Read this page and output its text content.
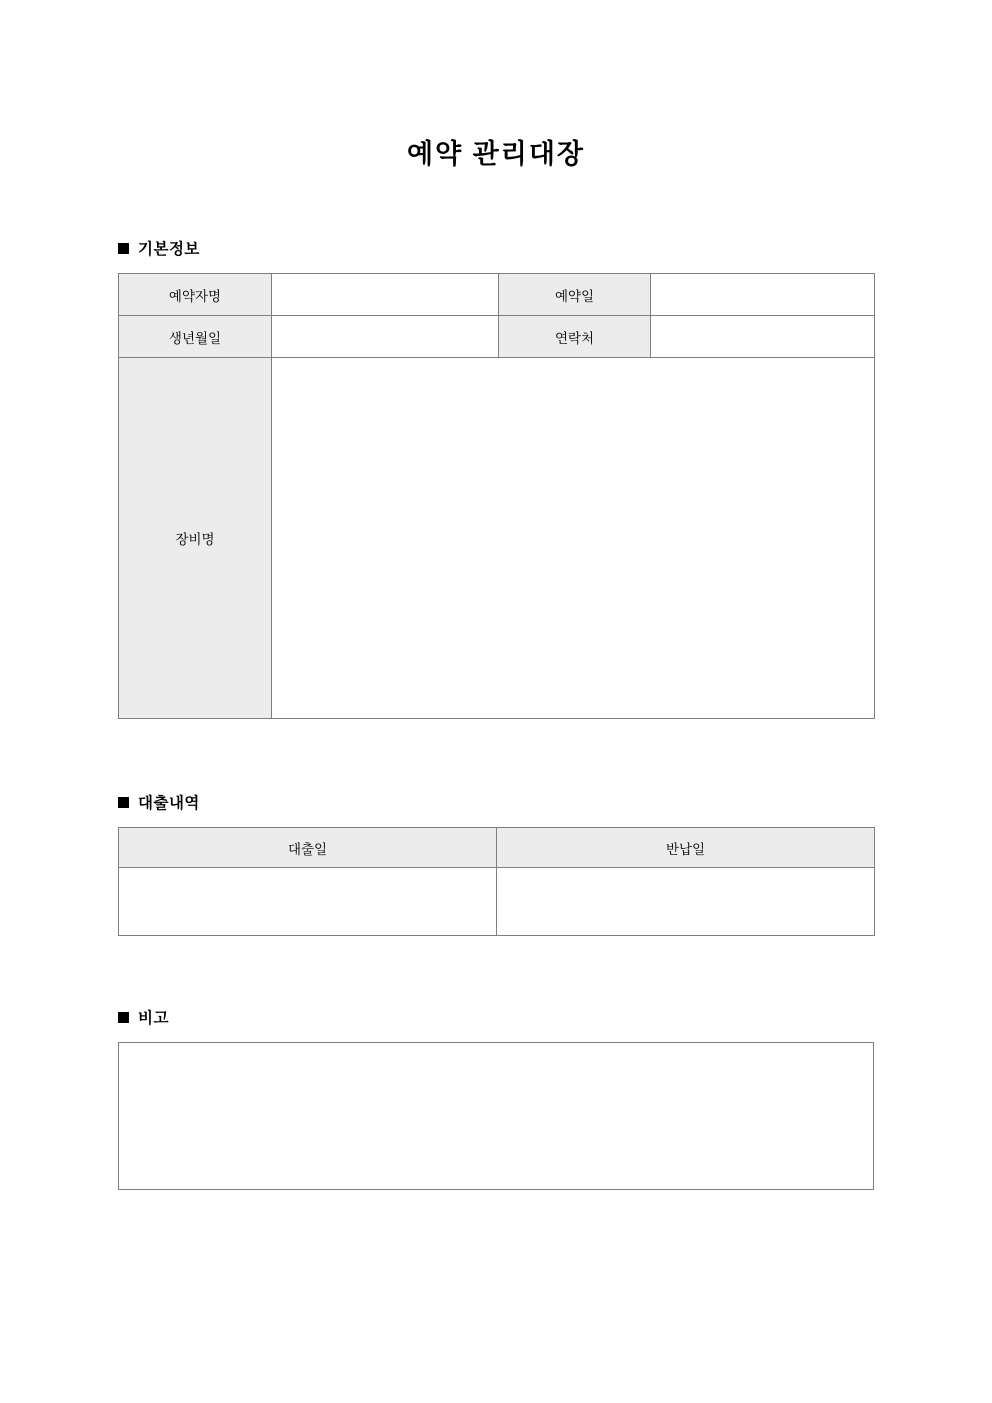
예약 관리대장
기본정보
예약자명		예약일	
생년월일		연락처	
장비명			
대출내역
대출일	반납일

비고
